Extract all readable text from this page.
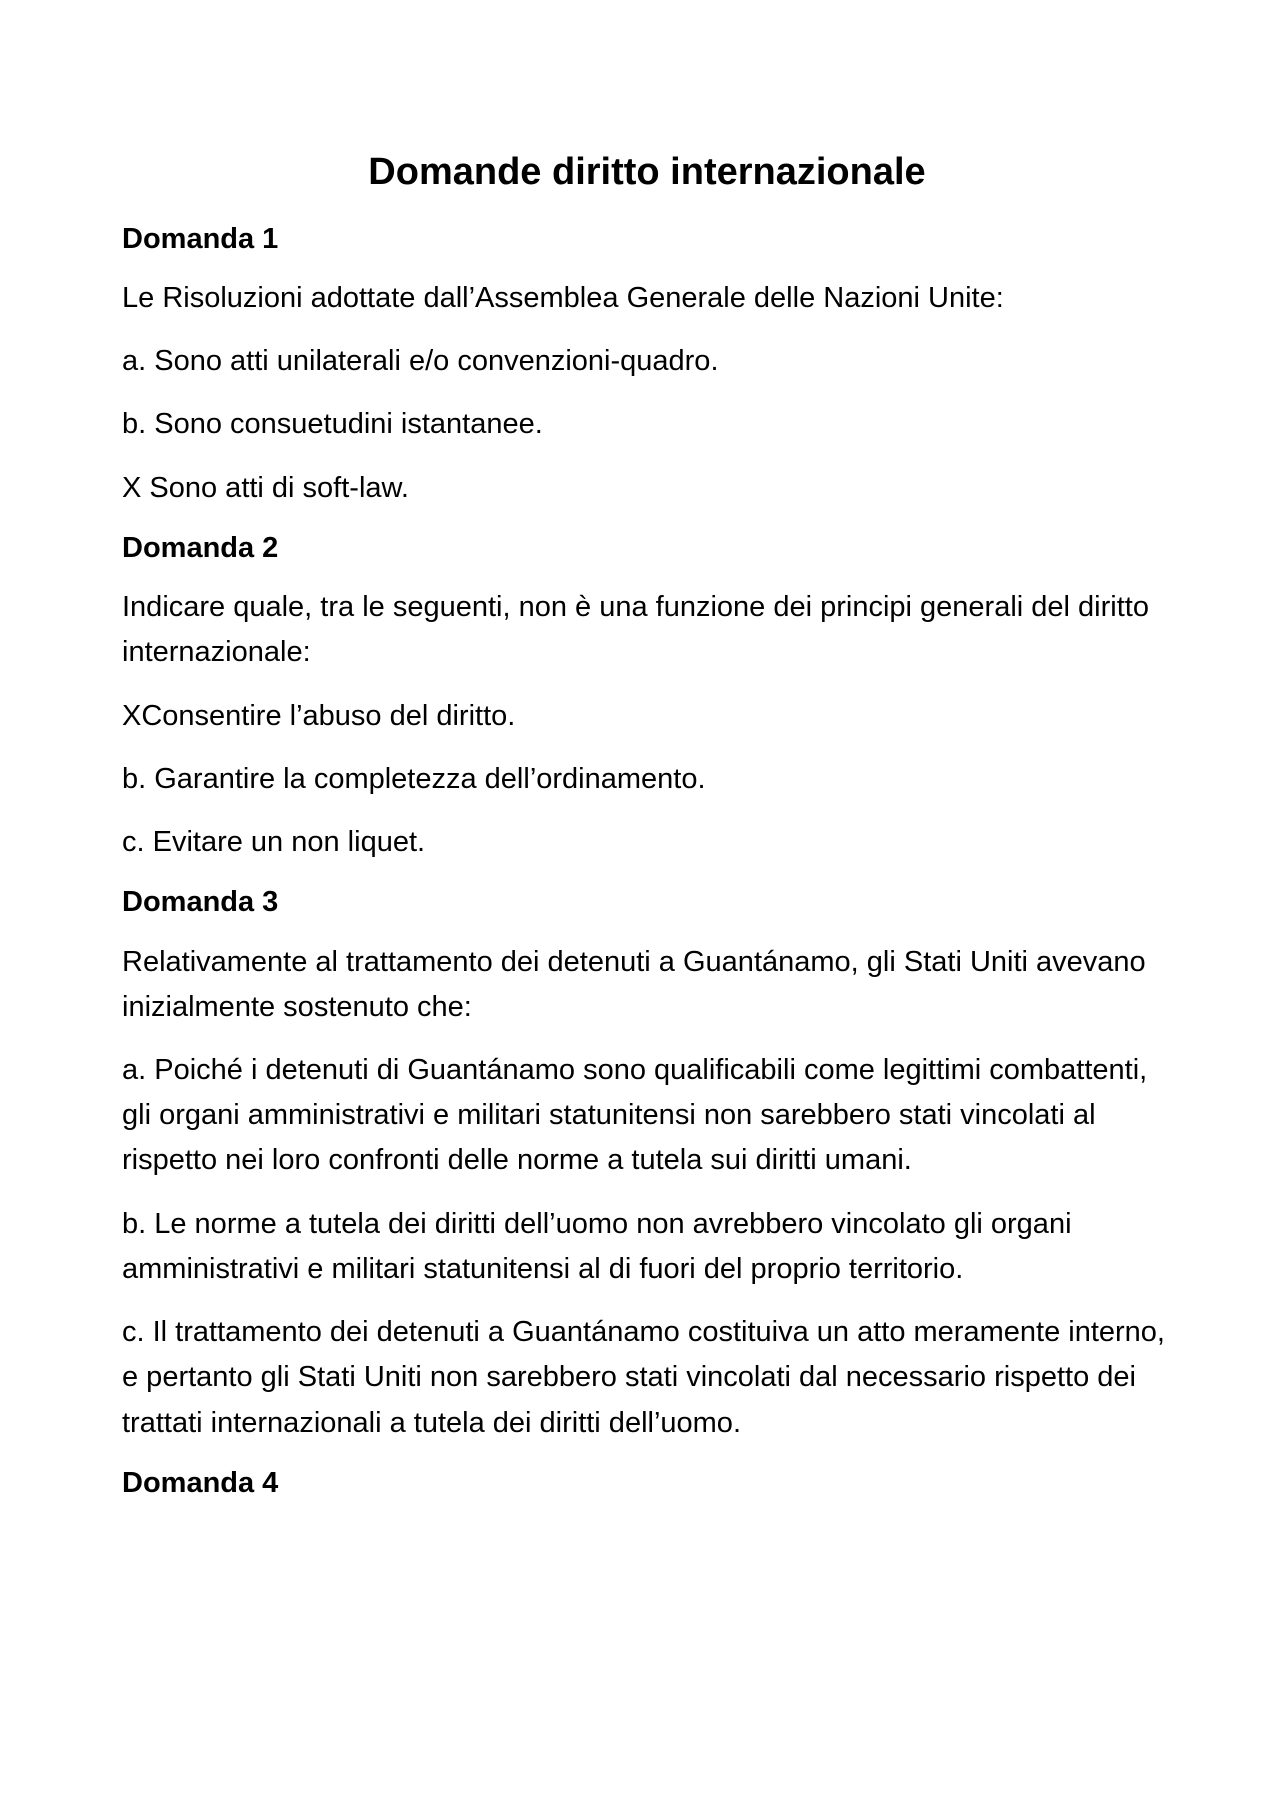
Domande diritto internazionale
Domanda 1

Le Risoluzioni adottate dall’Assemblea Generale delle Nazioni Unite:

a. Sono atti unilaterali e/o convenzioni-quadro.

b. Sono consuetudini istantanee.

X Sono atti di soft-law.

Domanda 2

Indicare quale, tra le seguenti, non è una funzione dei principi generali del diritto internazionale:

XConsentire l’abuso del diritto.

b. Garantire la completezza dell’ordinamento.

c. Evitare un non liquet.

Domanda 3

Relativamente al trattamento dei detenuti a Guantánamo, gli Stati Uniti avevano inizialmente sostenuto che:

a. Poiché i detenuti di Guantánamo sono qualificabili come legittimi combattenti, gli organi amministrativi e militari statunitensi non sarebbero stati vincolati al rispetto nei loro confronti delle norme a tutela sui diritti umani.

b. Le norme a tutela dei diritti dell’uomo non avrebbero vincolato gli organi amministrativi e militari statunitensi al di fuori del proprio territorio.

c. Il trattamento dei detenuti a Guantánamo costituiva un atto meramente interno, e pertanto gli Stati Uniti non sarebbero stati vincolati dal necessario rispetto dei trattati internazionali a tutela dei diritti dell’uomo.

Domanda 4
